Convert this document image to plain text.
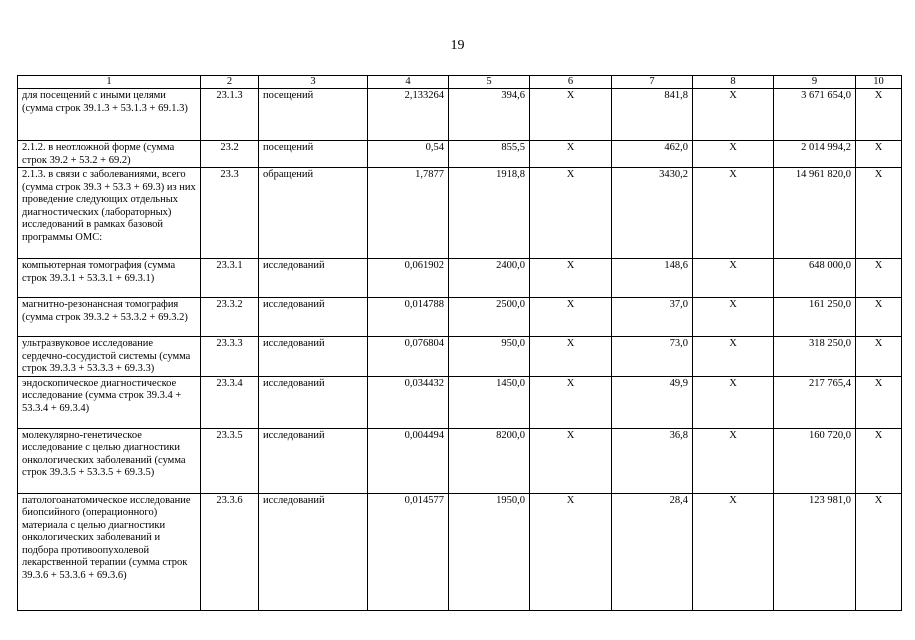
19
1	2	3	4	5	6	7	8	9	10
для посещений с иными целями (сумма строк 39.1.3 + 53.1.3 + 69.1.3)	23.1.3	посещений	2,133264	394,6	Х	841,8	Х	3 671 654,0	Х
2.1.2. в неотложной форме (сумма строк 39.2 + 53.2 + 69.2)	23.2	посещений	0,54	855,5	Х	462,0	Х	2 014 994,2	Х
2.1.3. в связи с заболеваниями, всего (сумма строк 39.3 + 53.3 + 69.3) из них проведение следующих отдельных диагностических (лабораторных) исследований в рамках базовой программы ОМС:	23.3	обращений	1,7877	1918,8	Х	3430,2	Х	14 961 820,0	Х
компьютерная томография (сумма строк 39.3.1 + 53.3.1 + 69.3.1)	23.3.1	исследований	0,061902	2400,0	Х	148,6	Х	648 000,0	Х
магнитно-резонансная томография (сумма строк 39.3.2 + 53.3.2 + 69.3.2)	23.3.2	исследований	0,014788	2500,0	Х	37,0	Х	161 250,0	Х
ультразвуковое исследование сердечно-сосудистой системы (сумма строк 39.3.3 + 53.3.3 + 69.3.3)	23.3.3	исследований	0,076804	950,0	Х	73,0	Х	318 250,0	Х
эндоскопическое диагностическое исследование (сумма строк 39.3.4 + 53.3.4 + 69.3.4)	23.3.4	исследований	0,034432	1450,0	Х	49,9	Х	217 765,4	Х
молекулярно-генетическое исследование с целью диагностики онкологических заболеваний (сумма строк 39.3.5 + 53.3.5 + 69.3.5)	23.3.5	исследований	0,004494	8200,0	Х	36,8	Х	160 720,0	Х
патологоанатомическое исследование биопсийного (операционного) материала с целью диагностики онкологических заболеваний и подбора противоопухолевой лекарственной терапии (сумма строк 39.3.6 + 53.3.6 + 69.3.6)	23.3.6	исследований	0,014577	1950,0	Х	28,4	Х	123 981,0	Х
